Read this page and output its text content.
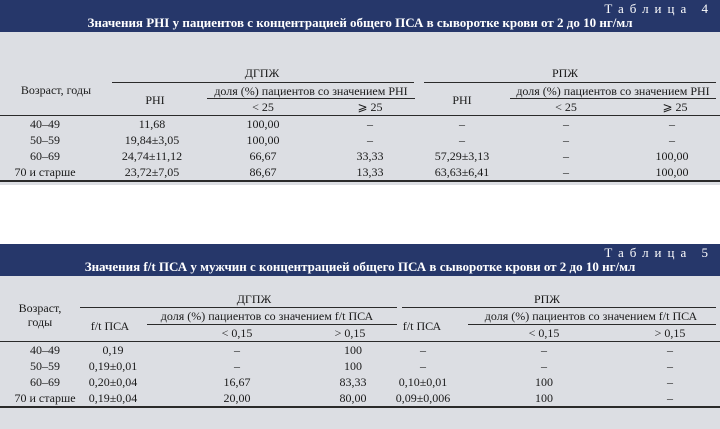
Таблица 4
Значения PHI у пациентов с концентрацией общего ПСА в сыворотке крови от 2 до 10 нг/мл
Возраст, годы
ДГПЖ	РПЖ
PHI
доля (%) пациентов со значением PHI
PHI
доля (%) пациентов со значением PHI
< 25	⩾ 25	< 25	⩾ 25
40–49	11,68	100,00	–	–	–	–
50–59	19,84±3,05	100,00	–	–	–	–
60–69	24,74±11,12	66,67	33,33	57,29±3,13	–	100,00
70 и старше	23,72±7,05	86,67	13,33	63,63±6,41	–	100,00
Таблица 5
Значения f/t ПСА у мужчин с концентрацией общего ПСА в сыворотке крови от 2 до 10 нг/мл
Возраст,
годы
ДГПЖ	РПЖ
f/t ПСА
доля (%) пациентов со значением f/t ПСА
f/t ПСА
доля (%) пациентов со значением f/t ПСА
< 0,15	> 0,15	< 0,15	> 0,15
40–49	0,19	–	100	–	–	–
50–59 0,19±0,01	–	100	–	–	–
60–69 0,20±0,04	16,67	83,33	0,10±0,01	100	–
70 и старше 0,19±0,04	20,00	80,00 0,09±0,006	100	–
